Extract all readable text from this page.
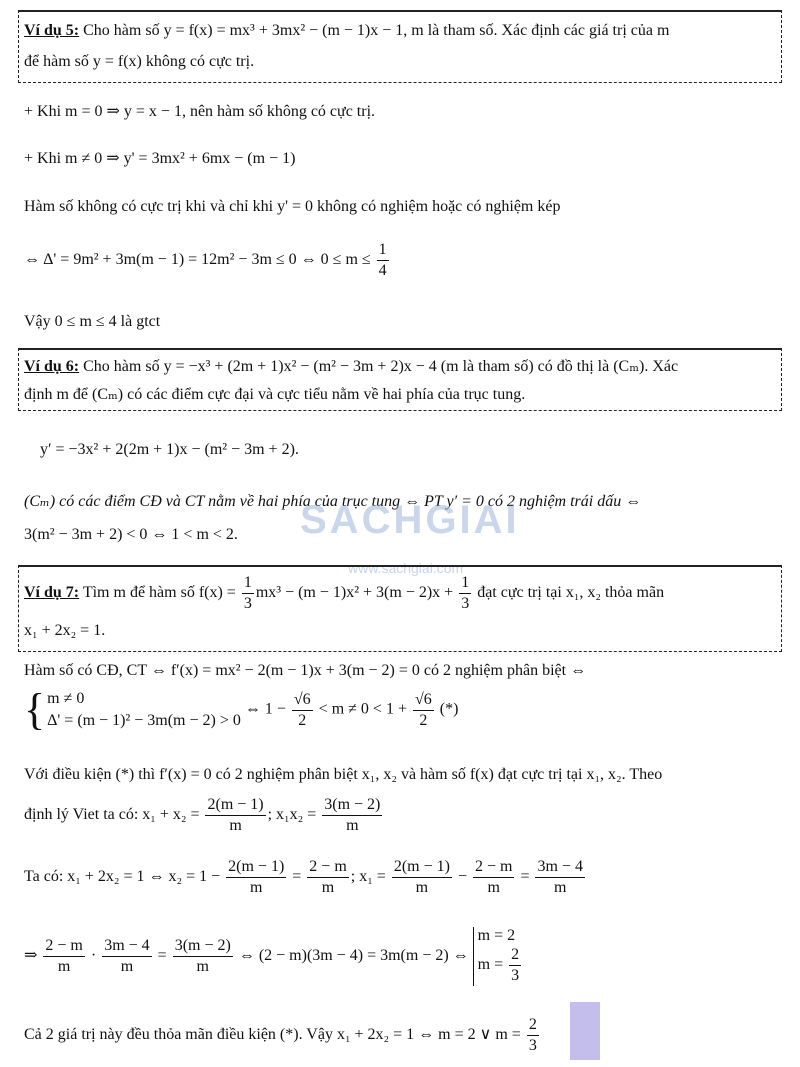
Ví dụ 5: Cho hàm số y = f(x) = mx³ + 3mx² − (m − 1)x − 1, m là tham số. Xác định các giá trị của m
để hàm số y = f(x) không có cực trị.
+ Khi m = 0 ⇒ y = x − 1, nên hàm số không có cực trị.
+ Khi m ≠ 0 ⇒ y' = 3mx² + 6mx − (m − 1)
Hàm số không có cực trị khi và chỉ khi y' = 0 không có nghiệm hoặc có nghiệm kép
⇔ Δ' = 9m² + 3m(m − 1) = 12m² − 3m ≤ 0 ⇔ $0 \le m \le \frac{1}{4}$
Vậy 0 ≤ m ≤ 4 là gtct
Ví dụ 6: Cho hàm số y = −x³ + (2m + 1)x² − (m² − 3m + 2)x − 4 (m là tham số) có đồ thị là (Cₘ). Xác
định m để (Cₘ) có các điểm cực đại và cực tiểu nằm về hai phía của trục tung.
y′ = −3x² + 2(2m + 1)x − (m² − 3m + 2).
(Cₘ) có các điểm CĐ và CT nằm về hai phía của trục tung ⇔ PT y′ = 0 có 2 nghiệm trái dấu ⇔
3(m² − 3m + 2) < 0 ⇔ 1 < m < 2. SACHGIAI
www.sachgiai.com
Ví dụ 7: Tìm m để hàm số $f(x) = \frac{1}{3} mx^3 - (m - 1)x^2 + 3(m - 2)x + \frac{1}{3}$ đạt cực trị tại x₁, x₂ thỏa mãn
x₁ + 2x₂ = 1.
Hàm số có CĐ, CT ⇔ f′(x) = mx² − 2(m − 1)x + 3(m − 2) = 0 có 2 nghiệm phân biệt ⇔
{ m ≠ 0
Δ' = (m − 1)² − 3m(m − 2) > 0
⇔ $1 - \frac{√6}{2} < m \ne 0 < 1 + \frac{√6}{2}$ (*)
Với điều kiện (*) thì f′(x) = 0 có 2 nghiệm phân biệt x₁, x₂ và hàm số f(x) đạt cực trị tại x₁, x₂. Theo
định lý Viet ta có: $x_1 + x_2 = \frac{2(m - 1)}{m}$ ; $x_1x_2 = \frac{3(m - 2)}{m}$
Ta có: x₁ + 2x₂ = 1 ⇔ $x_2 = 1 - \frac{2(m - 1)}{m} = \frac{2 - m}{m}$ ; $x_1 = \frac{2(m - 1)}{m} - \frac{2 - m}{m} = \frac{3m - 4}{m}$
⇒ $\frac{2 - m}{m} \cdot \frac{3m - 4}{m} = \frac{3(m - 2)}{m}$ ⇔ (2 − m)(3m − 4) = 3m(m − 2) ⇔
m = 2
$m = \frac{2}{3}$
Cả 2 giá trị này đều thỏa mãn điều kiện (*). Vậy x₁ + 2x₂ = 1 ⇔ m = 2 ∨ $m = \frac{2}{3}$
